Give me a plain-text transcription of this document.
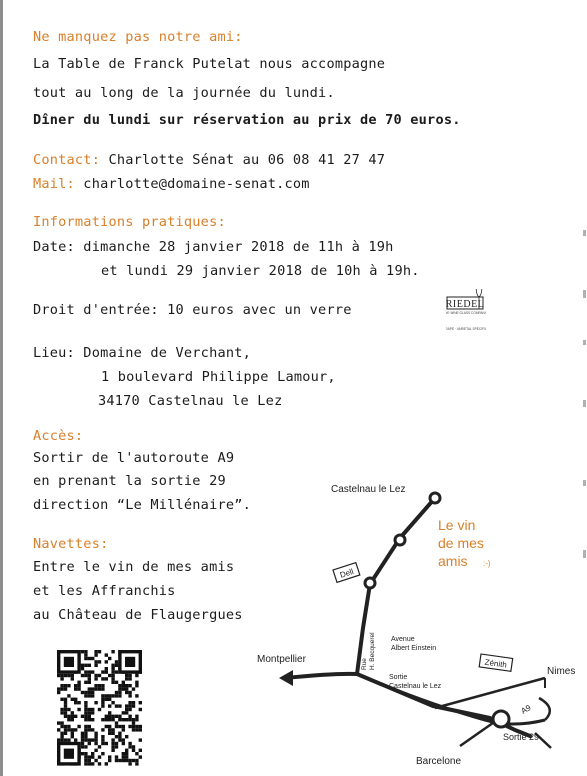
Ne manquez pas notre ami:
La Table de Franck Putelat nous accompagne
tout au long de la journée du lundi.
Dîner du lundi sur réservation au prix de 70 euros.
Contact: Charlotte Sénat au 06 08 41 27 47
Mail: charlotte@domaine-senat.com
Informations pratiques:
Date: dimanche 28 janvier 2018 de 11h à 19h
et lundi 29 janvier 2018 de 10h à 19h.
Droit d'entrée: 10 euros avec un verre	RIEDEL
THE WINE GLASS COMPANY
GRAPE · VARIETAL SPECIFIC
Lieu: Domaine de Verchant,
1 boulevard Philippe Lamour,
34170 Castelnau le Lez
Accès:
Sortir de l'autoroute A9
en prenant la sortie 29
direction “Le Millénaire”.
Navettes:
Entre le vin de mes amis
et les Affranchis
au Château de Flaugergues
Castelnau le Lez
Le vin
de mes
amis :-)
Dell
Rue H. Becquerel Avenue
Albert Einstein
Sortie
Castelnau le Lez
Montpellier	Zénith
Nimes
A9
Sortie 29
Barcelone
